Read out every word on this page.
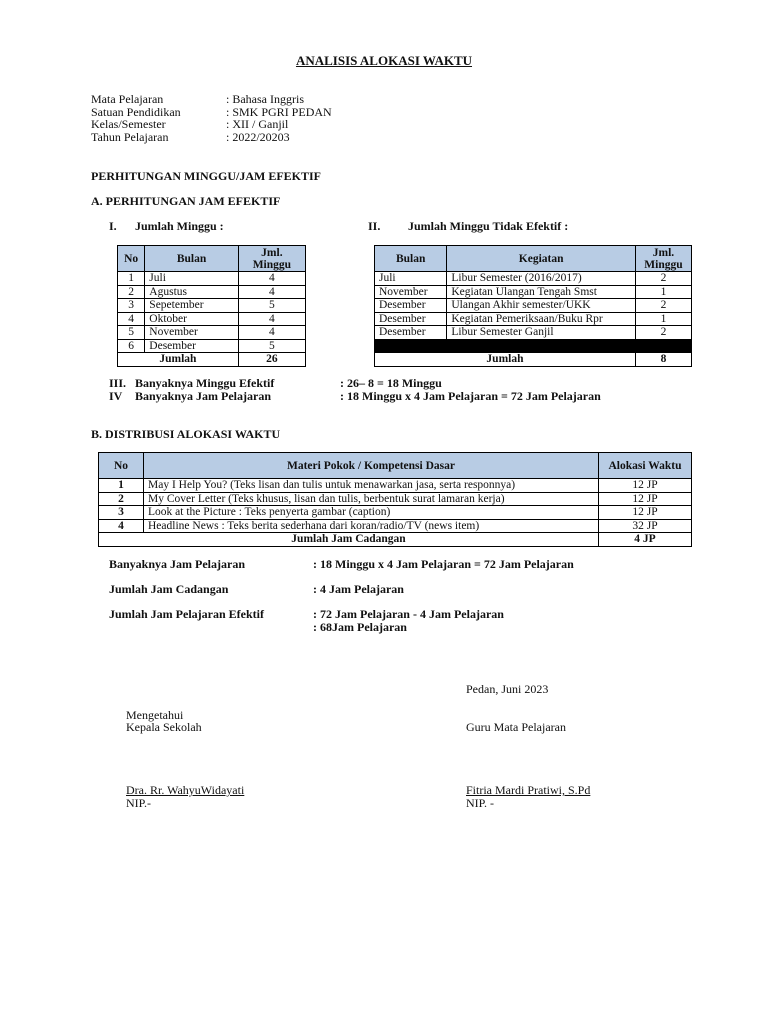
ANALISIS ALOKASI WAKTU
Mata Pelajaran	: Bahasa Inggris
Satuan Pendidikan	: SMK PGRI PEDAN
Kelas/Semester	: XII / Ganjil
Tahun Pelajaran	: 2022/20203
PERHITUNGAN MINGGU/JAM EFEKTIF
A. PERHITUNGAN JAM EFEKTIF
I. Jumlah Minggu :	II. Jumlah Minggu Tidak Efektif :
No	Bulan	Jml. Minggu
1	Juli	4
2	Agustus	4
3	Sepetember	5
4	Oktober	4
5	November	4
6	Desember	5
Jumlah		26
Bulan	Kegiatan	Jml. Minggu
Juli	Libur Semester (2016/2017)	2
November	Kegiatan Ulangan Tengah Smst	1
Desember	Ulangan Akhir semester/UKK	2
Desember	Kegiatan Pemeriksaan/Buku Rpr	1
Desember	Libur Semester Ganjil	2

Jumlah		8
III. Banyaknya Minggu Efektif	: 26– 8 = 18 Minggu
IV Banyaknya Jam Pelajaran	: 18 Minggu x 4 Jam Pelajaran = 72 Jam Pelajaran
B. DISTRIBUSI ALOKASI WAKTU
No	Materi Pokok / Kompetensi Dasar	Alokasi Waktu
1	May I Help You? (Teks lisan dan tulis untuk menawarkan jasa, serta responnya)	12 JP
2	My Cover Letter (Teks khusus, lisan dan tulis, berbentuk surat lamaran kerja)	12 JP
3	Look at the Picture : Teks penyerta gambar (caption)	12 JP
4	Headline News : Teks berita sederhana dari koran/radio/TV (news item)	32 JP
Jumlah Jam Cadangan		4 JP
Banyaknya Jam Pelajaran	: 18 Minggu x 4 Jam Pelajaran = 72 Jam Pelajaran
Jumlah Jam Cadangan	: 4 Jam Pelajaran
Jumlah Jam Pelajaran Efektif	: 72 Jam Pelajaran - 4 Jam Pelajaran
: 68Jam Pelajaran
Pedan, Juni 2023
Mengetahui
Kepala Sekolah	Guru Mata Pelajaran
Dra. Rr. WahyuWidayati
NIP.-
Fitria Mardi Pratiwi, S.Pd
NIP. -
